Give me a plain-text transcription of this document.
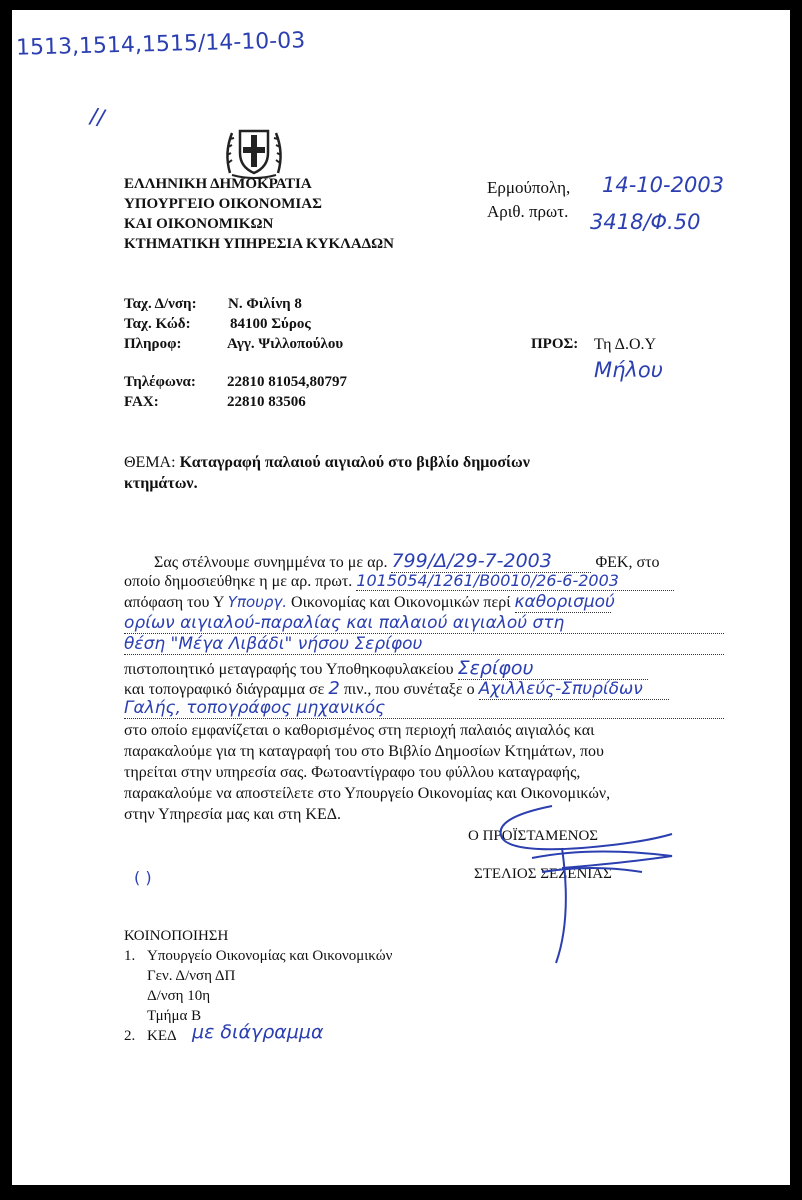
1513,1514,1515/14-10-03
//
ΕΛΛΗΝΙΚΗ ΔΗΜΟΚΡΑΤΙΑ
ΥΠΟΥΡΓΕΙΟ ΟΙΚΟΝΟΜΙΑΣ
ΚΑΙ ΟΙΚΟΝΟΜΙΚΩΝ
ΚΤΗΜΑΤΙΚΗ ΥΠΗΡΕΣΙΑ ΚΥΚΛΑΔΩΝ
Ερμούπολη, 14-10-2003
Αριθ. πρωτ. 3418/Φ.50
Ταχ. Δ/νση: Ν. Φιλίνη 8
Ταχ. Κώδ:	84100 Σύρος
Πληροφ:	Αγγ. Ψιλλοπούλου
Τηλέφωνα: 22810 81054,80797
FAX:	22810 83506
ΠΡΟΣ: Τη Δ.Ο.Υ
Μήλου
ΘΕΜΑ: Καταγραφή παλαιού αιγιαλού στο βιβλίο δημοσίων
κτημάτων.
Σας στέλνουμε συνημμένα το με αρ. 799/Δ/29-7-2003	ΦΕΚ, στο
οποίο δημοσιεύθηκε η με αρ. πρωτ. 1015054/1261/Β0010/26-6-2003
απόφαση του Υ Υπουργ. Οικονομίας και Οικονομικών περί καθορισμού
ορίων αιγιαλού-παραλίας και παλαιού αιγιαλού στη
θέση "Μέγα Λιβάδι" νήσου Σερίφου
πιστοποιητικό μεταγραφής του Υποθηκοφυλακείου Σερίφου
και τοπογραφικό διάγραμμα σε 2 πιν., που συνέταξε ο Αχιλλεύς-Σπυρίδων
Γαλής, τοπογράφος μηχανικός
στο οποίο εμφανίζεται ο καθορισμένος στη περιοχή παλαιός αιγιαλός και
παρακαλούμε για τη καταγραφή του στο Βιβλίο Δημοσίων Κτημάτων, που
τηρείται στην υπηρεσία σας. Φωτοαντίγραφο του φύλλου καταγραφής,
παρακαλούμε να αποστείλετε στο Υπουργείο Οικονομίας και Οικονομικών,
στην Υπηρεσία μας και στη ΚΕΔ.
Ο ΠΡΟΪΣΤΑΜΕΝΟΣ
ΣΤΕΛΙΟΣ ΣΕΖΕΝΙΑΣ
( )
ΚΟΙΝΟΠΟΙΗΣΗ
1. Υπουργείο Οικονομίας και Οικονομικών
Γεν. Δ/νση ΔΠ
Δ/νση 10η
Τμήμα Β
2. ΚΕΔ με διάγραμμα
